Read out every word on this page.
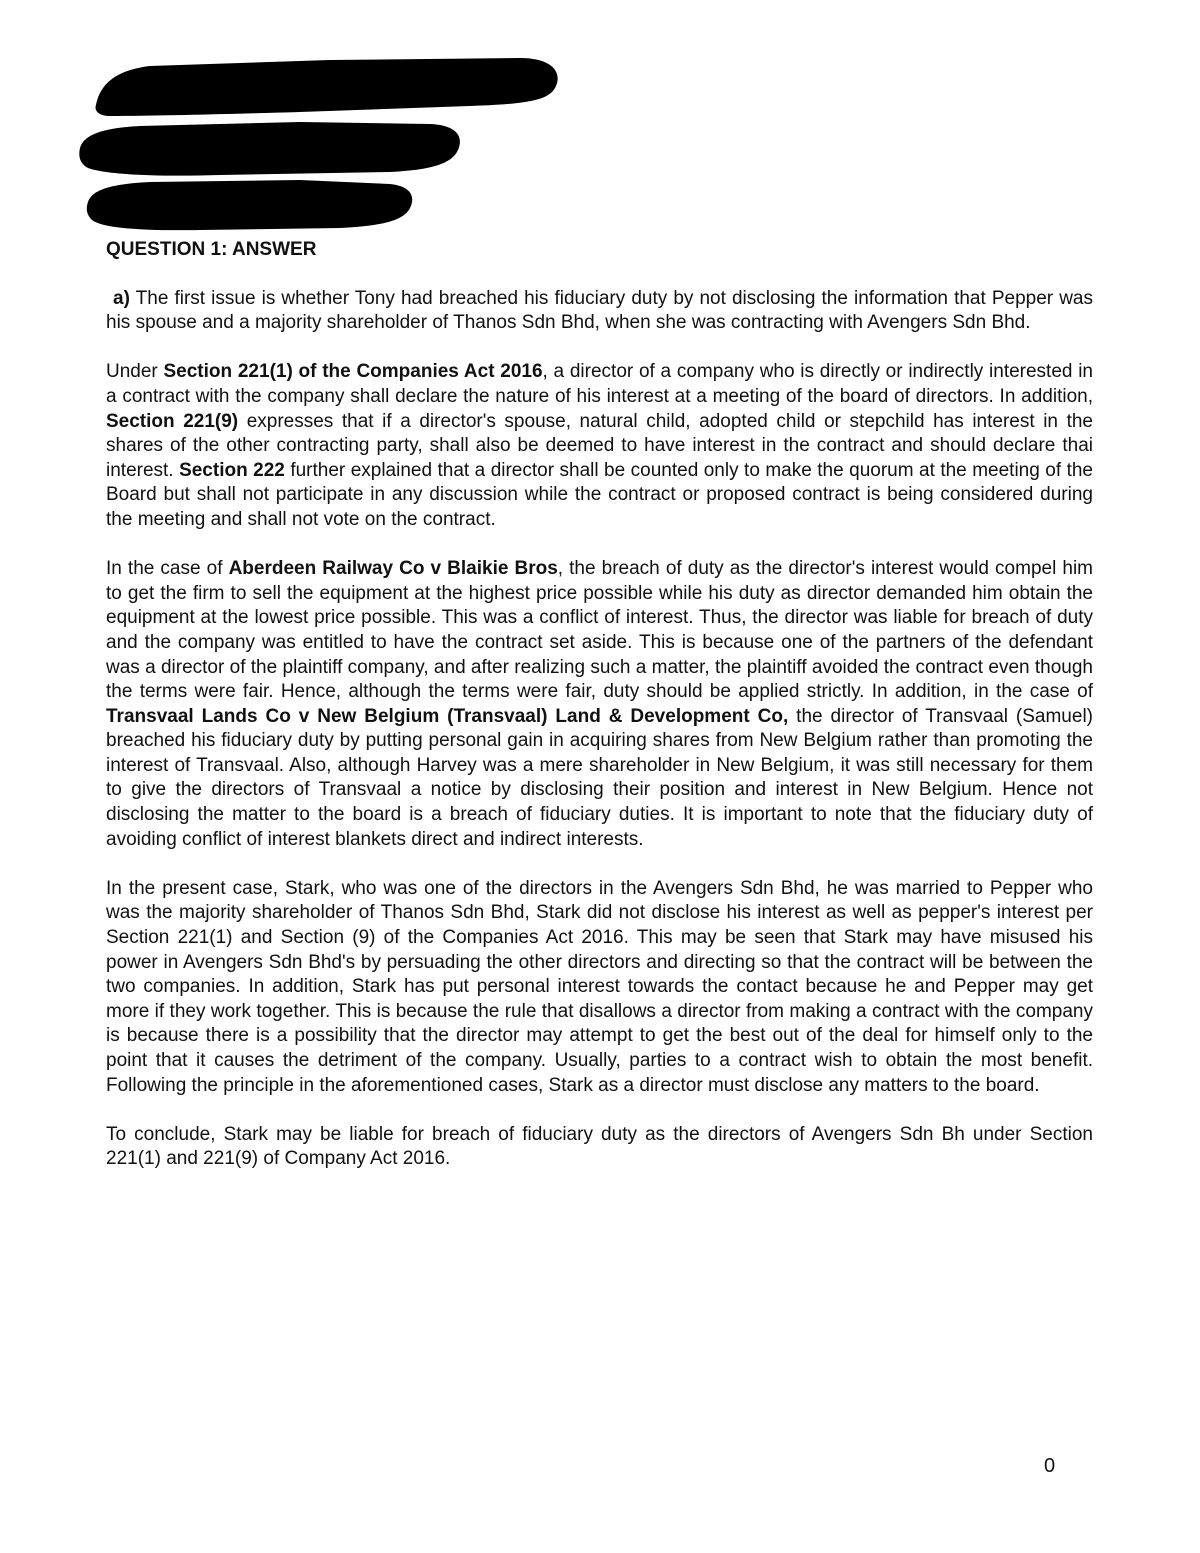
QUESTION 1: ANSWER

a) The first issue is whether Tony had breached his fiduciary duty by not disclosing the information that Pepper was his spouse and a majority shareholder of Thanos Sdn Bhd, when she was contracting with Avengers Sdn Bhd.

Under Section 221(1) of the Companies Act 2016, a director of a company who is directly or indirectly interested in a contract with the company shall declare the nature of his interest at a meeting of the board of directors. In addition, Section 221(9) expresses that if a director's spouse, natural child, adopted child or stepchild has interest in the shares of the other contracting party, shall also be deemed to have interest in the contract and should declare thai interest. Section 222 further explained that a director shall be counted only to make the quorum at the meeting of the Board but shall not participate in any discussion while the contract or proposed contract is being considered during the meeting and shall not vote on the contract.

In the case of Aberdeen Railway Co v Blaikie Bros, the breach of duty as the director's interest would compel him to get the firm to sell the equipment at the highest price possible while his duty as director demanded him obtain the equipment at the lowest price possible. This was a conflict of interest. Thus, the director was liable for breach of duty and the company was entitled to have the contract set aside. This is because one of the partners of the defendant was a director of the plaintiff company, and after realizing such a matter, the plaintiff avoided the contract even though the terms were fair. Hence, although the terms were fair, duty should be applied strictly. In addition, in the case of Transvaal Lands Co v New Belgium (Transvaal) Land & Development Co, the director of Transvaal (Samuel) breached his fiduciary duty by putting personal gain in acquiring shares from New Belgium rather than promoting the interest of Transvaal. Also, although Harvey was a mere shareholder in New Belgium, it was still necessary for them to give the directors of Transvaal a notice by disclosing their position and interest in New Belgium. Hence not disclosing the matter to the board is a breach of fiduciary duties. It is important to note that the fiduciary duty of avoiding conflict of interest blankets direct and indirect interests.

In the present case, Stark, who was one of the directors in the Avengers Sdn Bhd, he was married to Pepper who was the majority shareholder of Thanos Sdn Bhd, Stark did not disclose his interest as well as pepper's interest per Section 221(1) and Section (9) of the Companies Act 2016. This may be seen that Stark may have misused his power in Avengers Sdn Bhd's by persuading the other directors and directing so that the contract will be between the two companies. In addition, Stark has put personal interest towards the contact because he and Pepper may get more if they work together. This is because the rule that disallows a director from making a contract with the company is because there is a possibility that the director may attempt to get the best out of the deal for himself only to the point that it causes the detriment of the company. Usually, parties to a contract wish to obtain the most benefit. Following the principle in the aforementioned cases, Stark as a director must disclose any matters to the board.

To conclude, Stark may be liable for breach of fiduciary duty as the directors of Avengers Sdn Bh under Section 221(1) and 221(9) of Company Act 2016.

0
